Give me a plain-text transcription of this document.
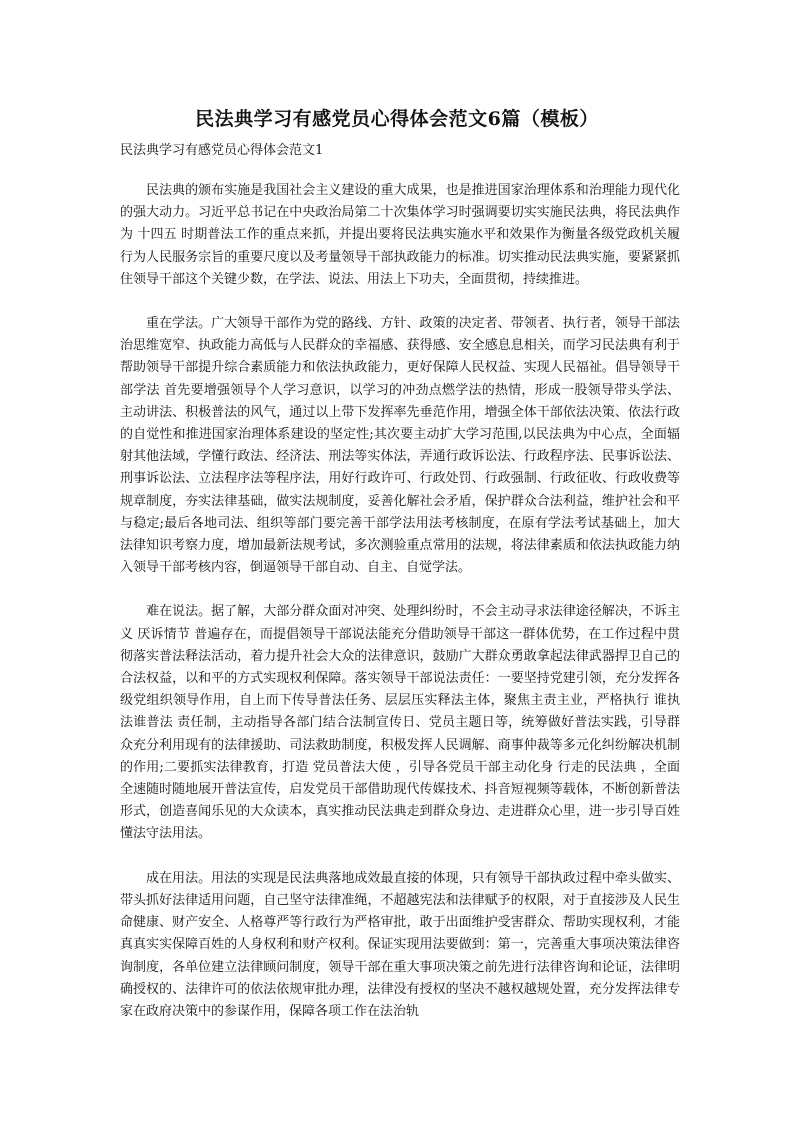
民法典学习有感党员心得体会范文6篇（模板）

民法典学习有感党员心得体会范文1

民法典的颁布实施是我国社会主义建设的重大成果，也是推进国家治理体系和治理能力现代化的强大动力。习近平总书记在中央政治局第二十次集体学习时强调要切实实施民法典，将民法典作为 十四五 时期普法工作的重点来抓，并提出要将民法典实施水平和效果作为衡量各级党政机关履行为人民服务宗旨的重要尺度以及考量领导干部执政能力的标准。切实推动民法典实施，要紧紧抓住领导干部这个关键少数，在学法、说法、用法上下功夫，全面贯彻，持续推进。

重在学法。广大领导干部作为党的路线、方针、政策的决定者、带领者、执行者，领导干部法治思维宽窄、执政能力高低与人民群众的幸福感、获得感、安全感息息相关，而学习民法典有利于帮助领导干部提升综合素质能力和依法执政能力，更好保障人民权益、实现人民福祉。倡导领导干部学法 首先要增强领导个人学习意识，以学习的冲劲点燃学法的热情，形成一股领导带头学法、主动讲法、积极普法的风气，通过以上带下发挥率先垂范作用，增强全体干部依法决策、依法行政的自觉性和推进国家治理体系建设的坚定性;其次要主动扩大学习范围,以民法典为中心点，全面辐射其他法域，学懂行政法、经济法、刑法等实体法，弄通行政诉讼法、行政程序法、民事诉讼法、刑事诉讼法、立法程序法等程序法，用好行政许可、行政处罚、行政强制、行政征收、行政收费等规章制度，夯实法律基础，做实法规制度，妥善化解社会矛盾，保护群众合法利益，维护社会和平与稳定;最后各地司法、组织等部门要完善干部学法用法考核制度，在原有学法考试基础上，加大法律知识考察力度，增加最新法规考试，多次测验重点常用的法规，将法律素质和依法执政能力纳入领导干部考核内容，倒逼领导干部自动、自主、自觉学法。

难在说法。据了解，大部分群众面对冲突、处理纠纷时，不会主动寻求法律途径解决，不诉主义 厌诉情节 普遍存在，而提倡领导干部说法能充分借助领导干部这一群体优势，在工作过程中贯彻落实普法释法活动，着力提升社会大众的法律意识，鼓励广大群众勇敢拿起法律武器捍卫自己的合法权益，以和平的方式实现权利保障。落实领导干部说法责任：一要坚持党建引领，充分发挥各级党组织领导作用，自上而下传导普法任务、层层压实释法主体，聚焦主责主业，严格执行 谁执法谁普法 责任制，主动指导各部门结合法制宣传日、党员主题日等，统筹做好普法实践，引导群众充分利用现有的法律援助、司法救助制度，积极发挥人民调解、商事仲裁等多元化纠纷解决机制的作用;二要抓实法律教育，打造 党员普法大使 ，引导各党员干部主动化身 行走的民法典 ，全面全速随时随地展开普法宣传，启发党员干部借助现代传媒技术、抖音短视频等载体，不断创新普法形式，创造喜闻乐见的大众读本，真实推动民法典走到群众身边、走进群众心里，进一步引导百姓懂法守法用法。

成在用法。用法的实现是民法典落地成效最直接的体现，只有领导干部执政过程中牵头做实、带头抓好法律适用问题，自己坚守法律准绳，不超越宪法和法律赋予的权限，对于直接涉及人民生命健康、财产安全、人格尊严等行政行为严格审批，敢于出面维护受害群众、帮助实现权利，才能真真实实保障百姓的人身权利和财产权利。保证实现用法要做到：第一，完善重大事项决策法律咨询制度，各单位建立法律顾问制度，领导干部在重大事项决策之前先进行法律咨询和论证，法律明确授权的、法律许可的依法依规审批办理，法律没有授权的坚决不越权越规处置，充分发挥法律专家在政府决策中的参谋作用，保障各项工作在法治轨
